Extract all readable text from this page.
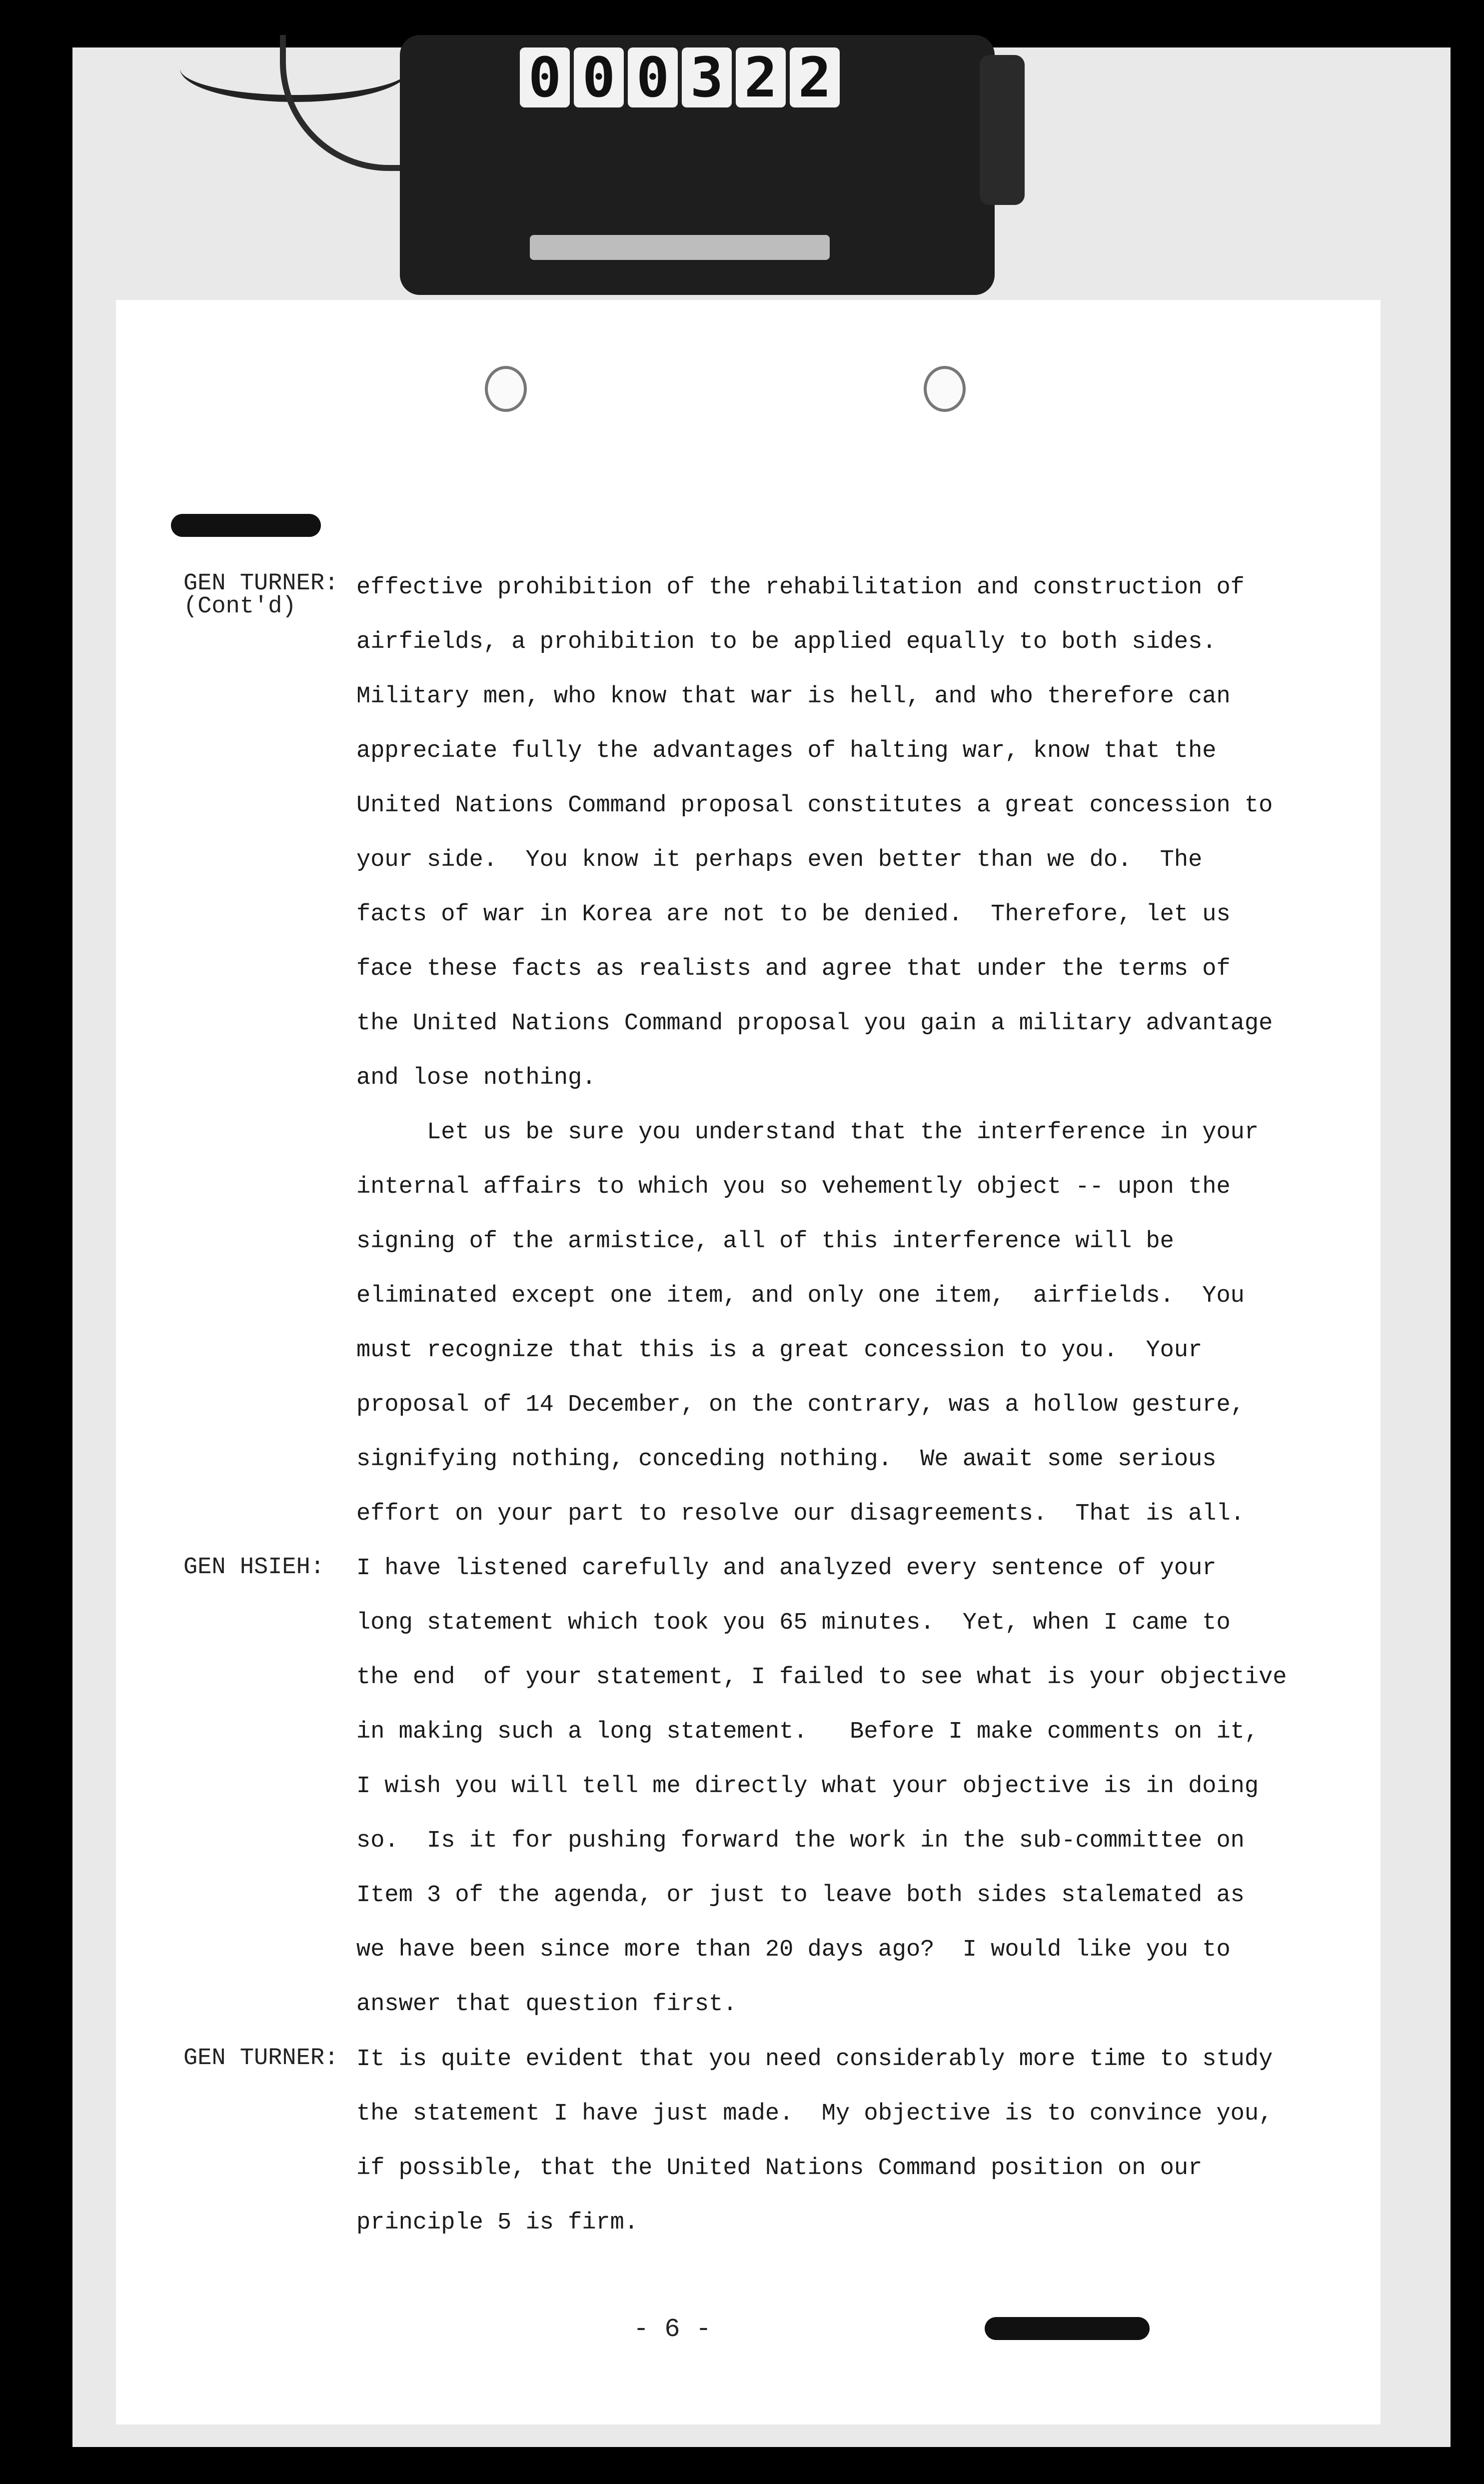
0 0 0 3 2 2
GEN TURNER:
(Cont'd)
effective prohibition of the rehabilitation and construction of
airfields, a prohibition to be applied equally to both sides.
Military men, who know that war is hell, and who therefore can
appreciate fully the advantages of halting war, know that the
United Nations Command proposal constitutes a great concession to
your side.  You know it perhaps even better than we do.  The
facts of war in Korea are not to be denied.  Therefore, let us
face these facts as realists and agree that under the terms of
the United Nations Command proposal you gain a military advantage
and lose nothing.
Let us be sure you understand that the interference in your
internal affairs to which you so vehemently object -- upon the
signing of the armistice, all of this interference will be
eliminated except one item, and only one item,  airfields.  You
must recognize that this is a great concession to you.  Your
proposal of 14 December, on the contrary, was a hollow gesture,
signifying nothing, conceding nothing.  We await some serious
effort on your part to resolve our disagreements.  That is all.
GEN HSIEH: I have listened carefully and analyzed every sentence of your
long statement which took you 65 minutes.  Yet, when I came to
the end  of your statement, I failed to see what is your objective
in making such a long statement.   Before I make comments on it,
I wish you will tell me directly what your objective is in doing
so.  Is it for pushing forward the work in the sub-committee on
Item 3 of the agenda, or just to leave both sides stalemated as
we have been since more than 20 days ago?  I would like you to
answer that question first.
GEN TURNER: It is quite evident that you need considerably more time to study
the statement I have just made.  My objective is to convince you,
if possible, that the United Nations Command position on our
principle 5 is firm.
- 6 -
